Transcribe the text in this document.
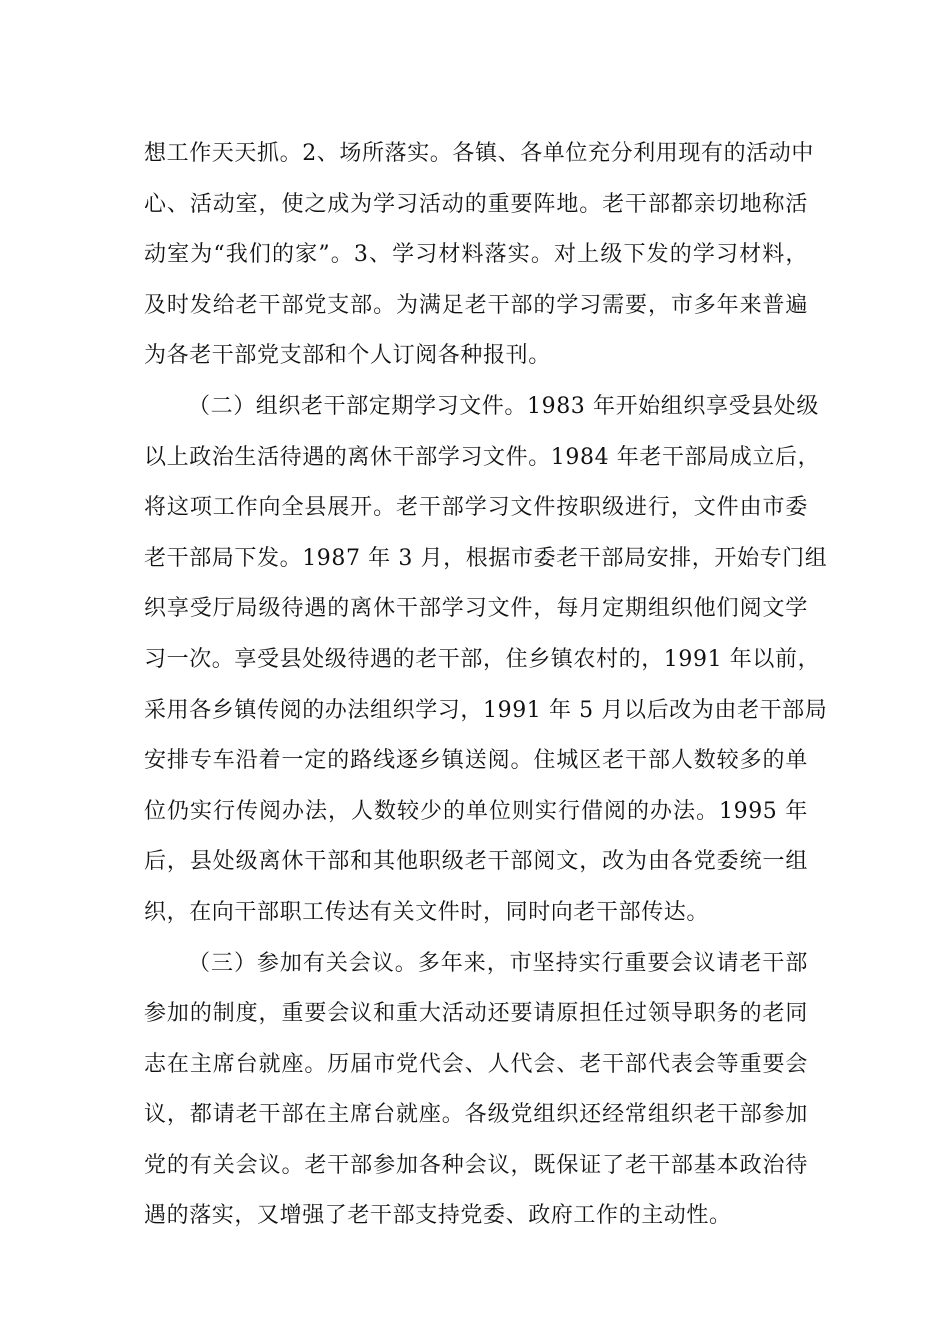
想工作天天抓。2、场所落实。各镇、各单位充分利用现有的活动中
心、活动室，使之成为学习活动的重要阵地。老干部都亲切地称活
动室为“我们的家”。3、学习材料落实。对上级下发的学习材料，
及时发给老干部党支部。为满足老干部的学习需要，市多年来普遍
为各老干部党支部和个人订阅各种报刊。
（二）组织老干部定期学习文件。1983 年开始组织享受县处级
以上政治生活待遇的离休干部学习文件。1984 年老干部局成立后，
将这项工作向全县展开。老干部学习文件按职级进行，文件由市委
老干部局下发。1987 年 3 月，根据市委老干部局安排，开始专门组
织享受厅局级待遇的离休干部学习文件，每月定期组织他们阅文学
习一次。享受县处级待遇的老干部，住乡镇农村的，1991 年以前，
采用各乡镇传阅的办法组织学习，1991 年 5 月以后改为由老干部局
安排专车沿着一定的路线逐乡镇送阅。住城区老干部人数较多的单
位仍实行传阅办法，人数较少的单位则实行借阅的办法。1995 年
后，县处级离休干部和其他职级老干部阅文，改为由各党委统一组
织，在向干部职工传达有关文件时，同时向老干部传达。
（三）参加有关会议。多年来，市坚持实行重要会议请老干部
参加的制度，重要会议和重大活动还要请原担任过领导职务的老同
志在主席台就座。历届市党代会、人代会、老干部代表会等重要会
议，都请老干部在主席台就座。各级党组织还经常组织老干部参加
党的有关会议。老干部参加各种会议，既保证了老干部基本政治待
遇的落实，又增强了老干部支持党委、政府工作的主动性。
